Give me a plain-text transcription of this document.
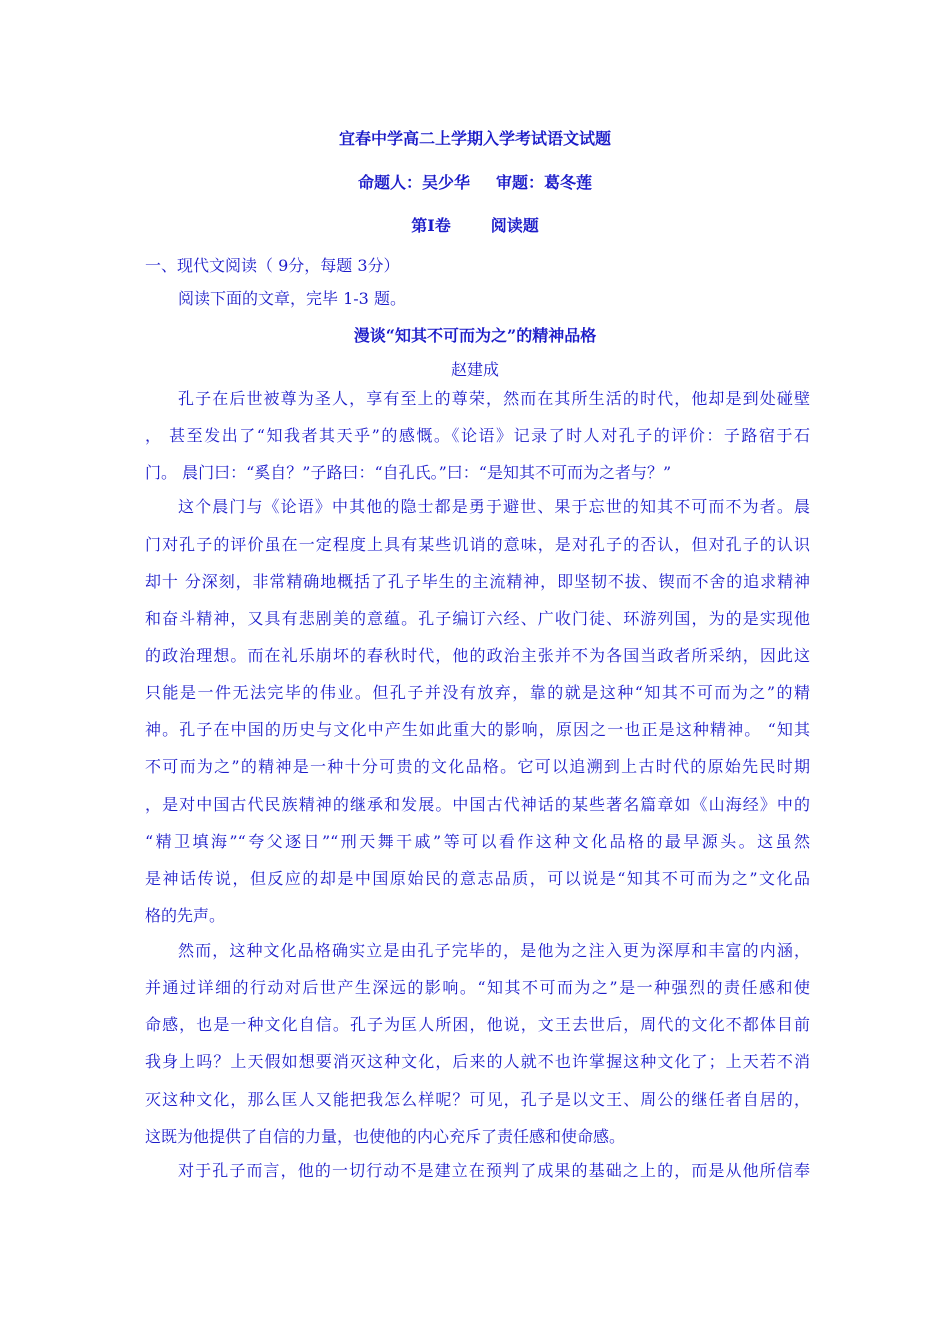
宜春中学高二上学期入学考试语文试题
命题人：吴少华 审题：葛冬莲
第Ⅰ卷	阅读题
一、现代文阅读（ 9分，每题 3分）
阅读下面的文章，完毕 1-3 题。
漫谈“知其不可而为之”的精神品格
赵建成
孔子在后世被尊为圣人，享有至上的尊荣，然而在其所生活的时代，他却是到处碰壁
， 甚至发出了“知我者其天乎”的感慨。《论语》记录了时人对孔子的评价：子路宿于石
门。 晨门曰：“奚自？”子路曰：“自孔氏。”曰：“是知其不可而为之者与？”
这个晨门与《论语》中其他的隐士都是勇于避世、果于忘世的知其不可而不为者。晨
门对孔子的评价虽在一定程度上具有某些讥诮的意味，是对孔子的否认，但对孔子的认识
却十 分深刻，非常精确地概括了孔子毕生的主流精神，即坚韧不拔、锲而不舍的追求精神
和奋斗精神，又具有悲剧美的意蕴。孔子编订六经、广收门徒、环游列国，为的是实现他
的政治理想。而在礼乐崩坏的春秋时代，他的政治主张并不为各国当政者所采纳，因此这
只能是一件无法完毕的伟业。但孔子并没有放弃，靠的就是这种“知其不可而为之”的精
神。孔子在中国的历史与文化中产生如此重大的影响，原因之一也正是这种精神。 “知其
不可而为之”的精神是一种十分可贵的文化品格。它可以追溯到上古时代的原始先民时期
，是对中国古代民族精神的继承和发展。中国古代神话的某些著名篇章如《山海经》中的
“精卫填海”“夸父逐日”“刑天舞干戚”等可以看作这种文化品格的最早源头。这虽然
是神话传说，但反应的却是中国原始民的意志品质，可以说是“知其不可而为之”文化品
格的先声。
然而，这种文化品格确实立是由孔子完毕的，是他为之注入更为深厚和丰富的内涵，
并通过详细的行动对后世产生深远的影响。“知其不可而为之”是一种强烈的责任感和使
命感，也是一种文化自信。孔子为匡人所困，他说，文王去世后，周代的文化不都体目前
我身上吗？上天假如想要消灭这种文化，后来的人就不也许掌握这种文化了；上天若不消
灭这种文化，那么匡人又能把我怎么样呢？可见，孔子是以文王、周公的继任者自居的，
这既为他提供了自信的力量，也使他的内心充斥了责任感和使命感。
对于孔子而言，他的一切行动不是建立在预判了成果的基础之上的，而是从他所信奉
